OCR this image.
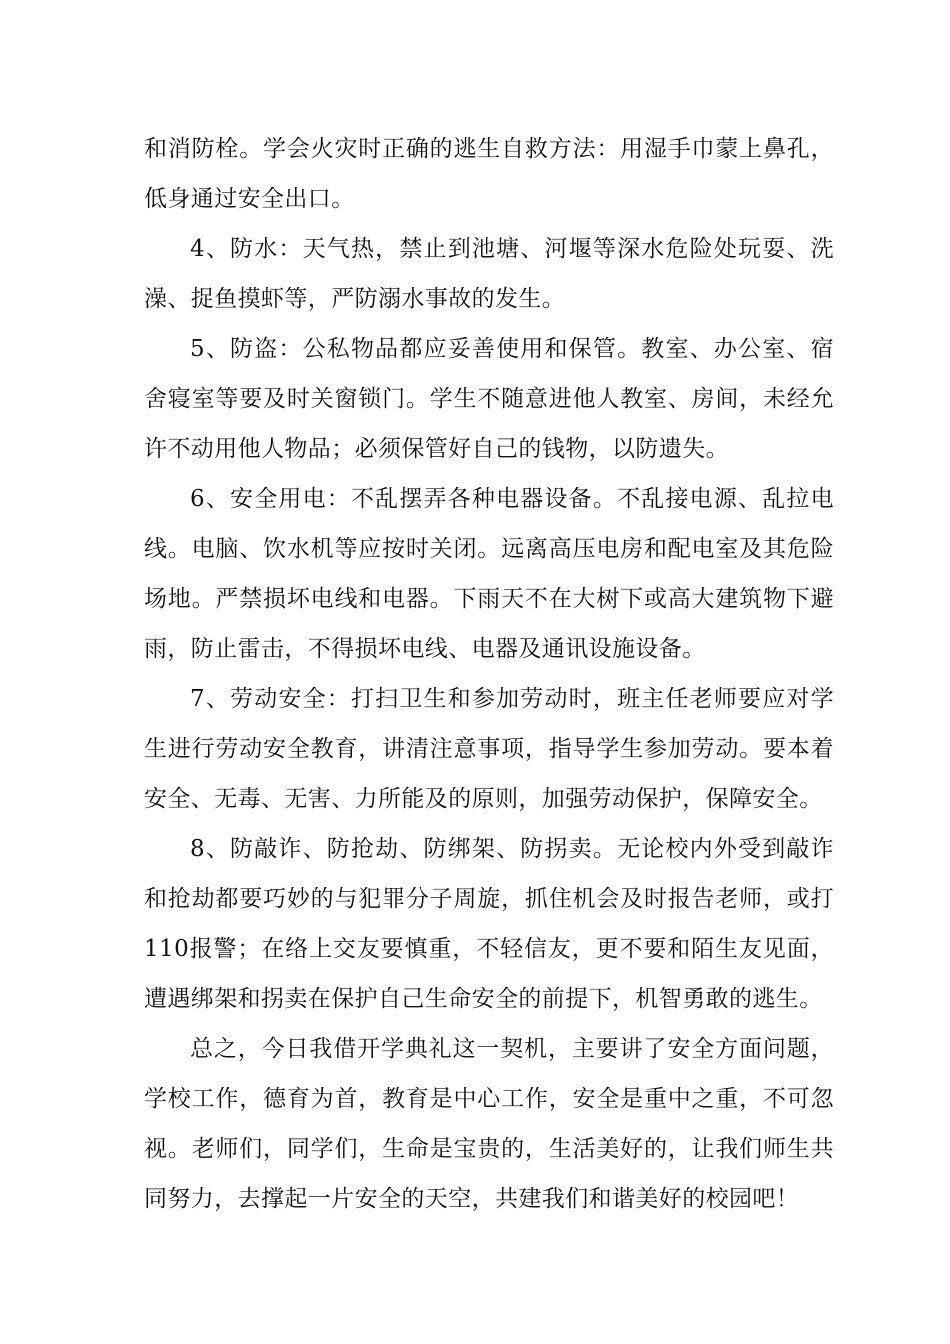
和消防栓。学会火灾时正确的逃生自救方法：用湿手巾蒙上鼻孔，低身通过安全出口。

4、防水：天气热，禁止到池塘、河堰等深水危险处玩耍、洗澡、捉鱼摸虾等，严防溺水事故的发生。

5、防盗：公私物品都应妥善使用和保管。教室、办公室、宿舍寝室等要及时关窗锁门。学生不随意进他人教室、房间，未经允许不动用他人物品；必须保管好自己的钱物，以防遗失。

6、安全用电：不乱摆弄各种电器设备。不乱接电源、乱拉电线。电脑、饮水机等应按时关闭。远离高压电房和配电室及其危险场地。严禁损坏电线和电器。下雨天不在大树下或高大建筑物下避雨，防止雷击，不得损坏电线、电器及通讯设施设备。

7、劳动安全：打扫卫生和参加劳动时，班主任老师要应对学生进行劳动安全教育，讲清注意事项，指导学生参加劳动。要本着安全、无毒、无害、力所能及的原则，加强劳动保护，保障安全。

8、防敲诈、防抢劫、防绑架、防拐卖。无论校内外受到敲诈和抢劫都要巧妙的与犯罪分子周旋，抓住机会及时报告老师，或打110报警；在络上交友要慎重，不轻信友，更不要和陌生友见面，遭遇绑架和拐卖在保护自己生命安全的前提下，机智勇敢的逃生。

总之，今日我借开学典礼这一契机，主要讲了安全方面问题，学校工作，德育为首，教育是中心工作，安全是重中之重，不可忽视。老师们，同学们，生命是宝贵的，生活美好的，让我们师生共同努力，去撑起一片安全的天空，共建我们和谐美好的校园吧！
